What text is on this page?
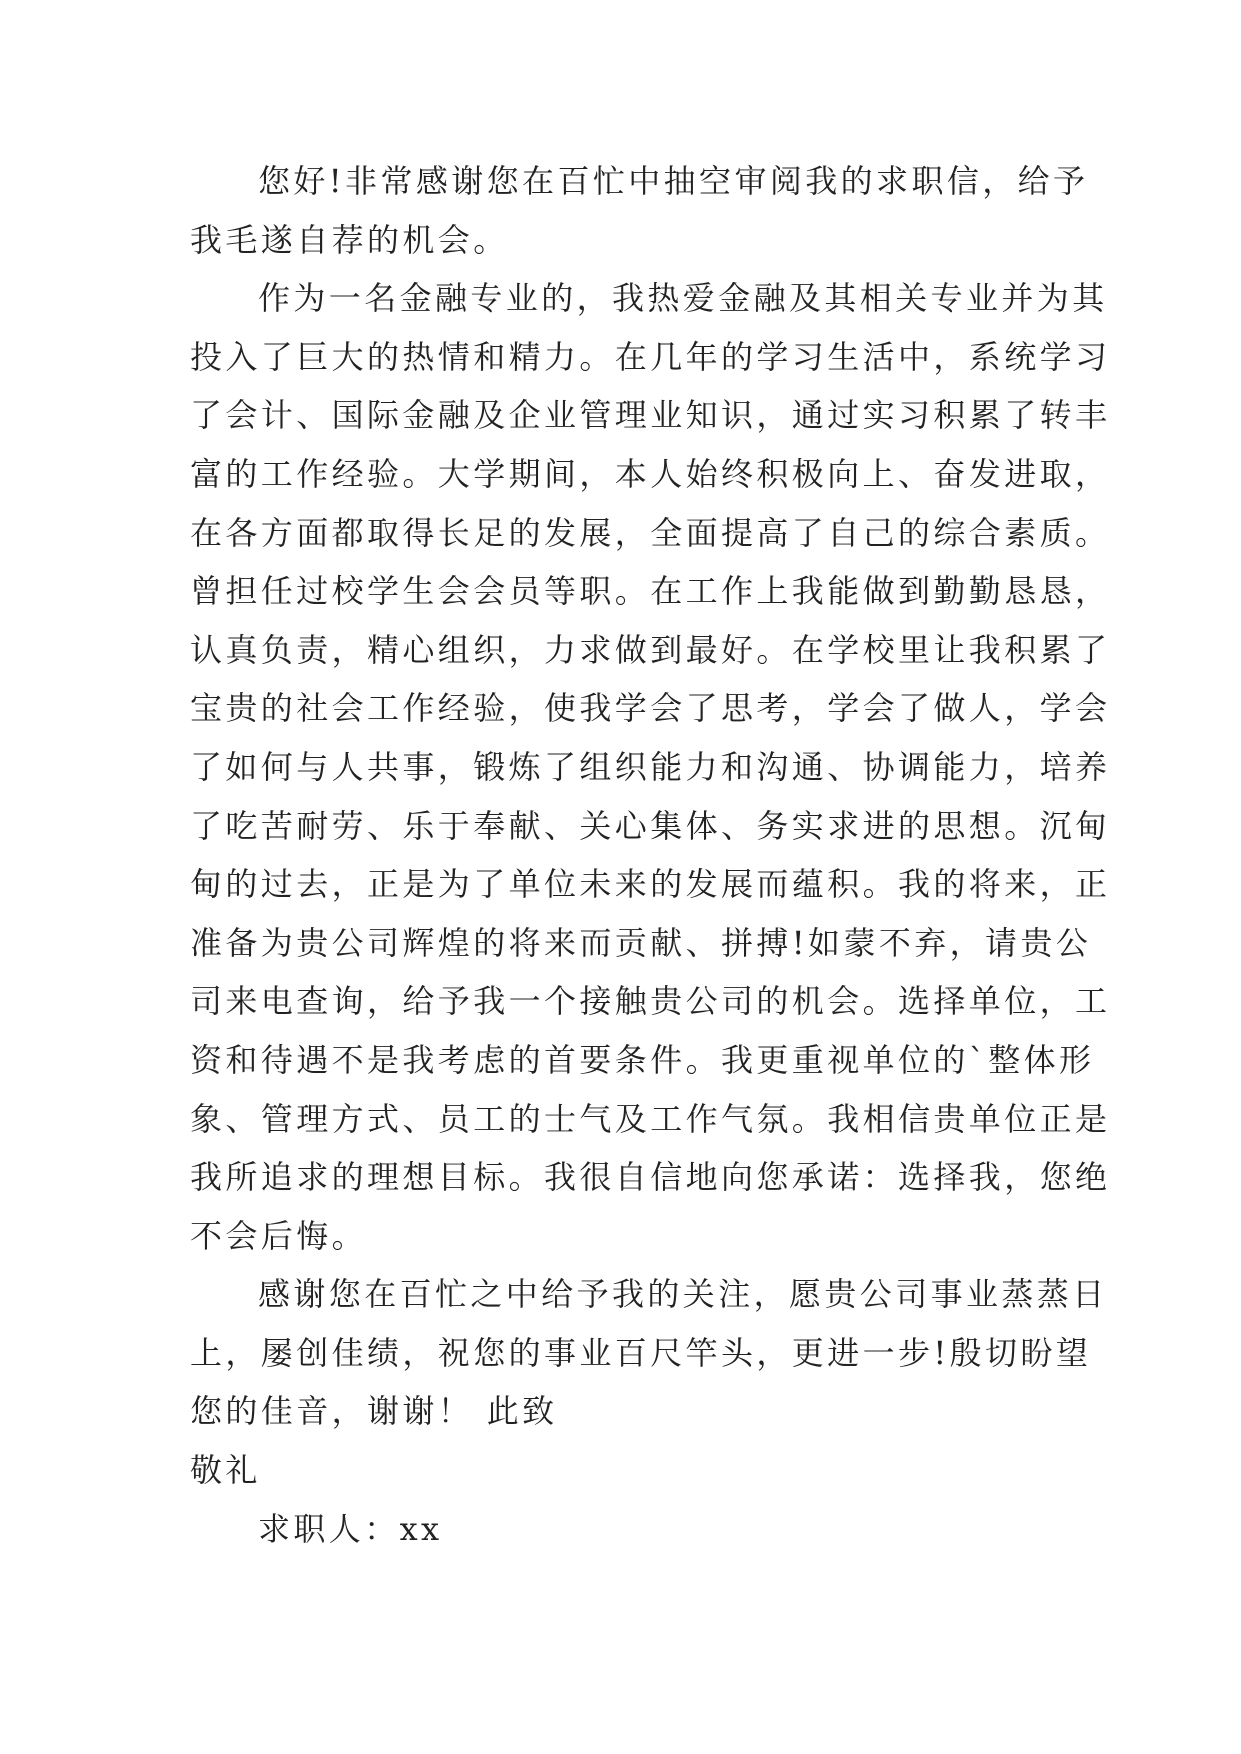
您好!非常感谢您在百忙中抽空审阅我的求职信，给予
我毛遂自荐的机会。
作为一名金融专业的，我热爱金融及其相关专业并为其
投入了巨大的热情和精力。在几年的学习生活中，系统学习
了会计、国际金融及企业管理业知识，通过实习积累了转丰
富的工作经验。大学期间，本人始终积极向上、奋发进取，
在各方面都取得长足的发展，全面提高了自己的综合素质。
曾担任过校学生会会员等职。在工作上我能做到勤勤恳恳，
认真负责，精心组织，力求做到最好。在学校里让我积累了
宝贵的社会工作经验，使我学会了思考，学会了做人，学会
了如何与人共事，锻炼了组织能力和沟通、协调能力，培养
了吃苦耐劳、乐于奉献、关心集体、务实求进的思想。沉甸
甸的过去，正是为了单位未来的发展而蕴积。我的将来，正
准备为贵公司辉煌的将来而贡献、拼搏!如蒙不弃，请贵公
司来电查询，给予我一个接触贵公司的机会。选择单位，工
资和待遇不是我考虑的首要条件。我更重视单位的`整体形
象、管理方式、员工的士气及工作气氛。我相信贵单位正是
我所追求的理想目标。我很自信地向您承诺：选择我，您绝
不会后悔。
感谢您在百忙之中给予我的关注，愿贵公司事业蒸蒸日
上，屡创佳绩，祝您的事业百尺竿头，更进一步!殷切盼望
您的佳音，谢谢！ 此致
敬礼
求职人：xx
